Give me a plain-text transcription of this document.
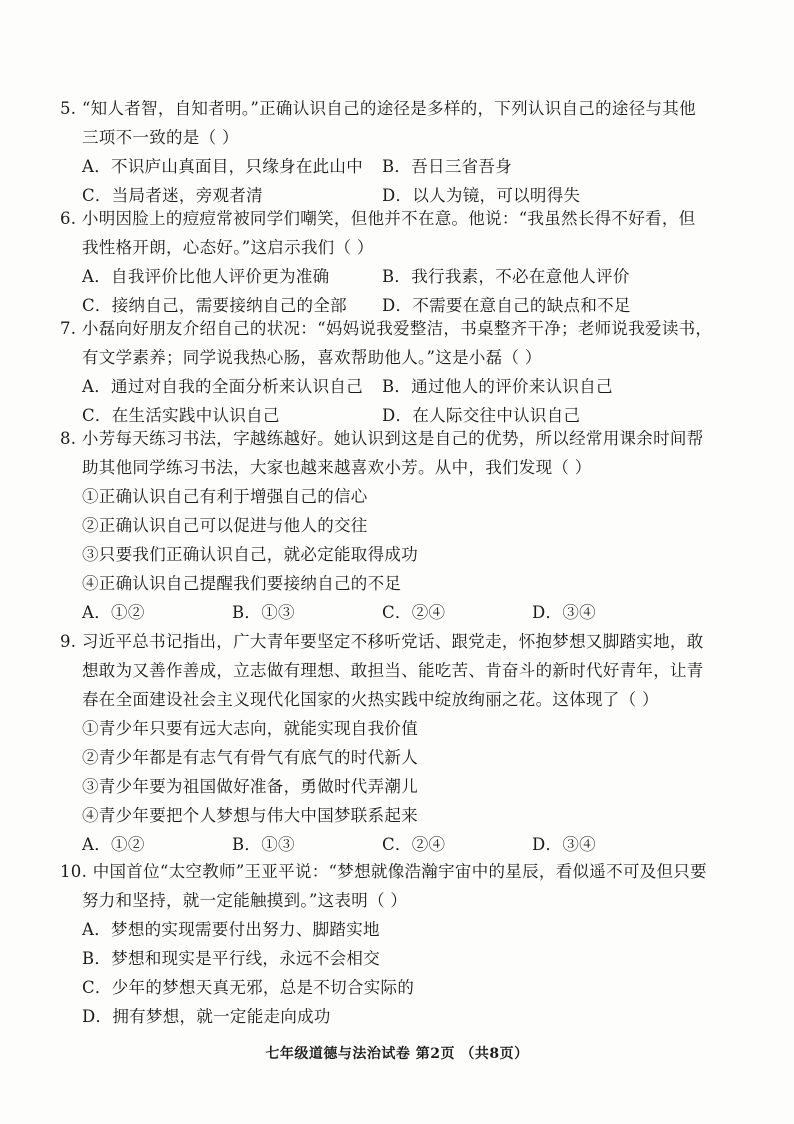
5. “知人者智，自知者明。”正确认识自己的途径是多样的，下列认识自己的途径与其他

三项不一致的是（ ）

A．不识庐山真面目，只缘身在此山中	B．吾日三省吾身
C．当局者迷，旁观者清	D．以人为镜，可以明得失

6. 小明因脸上的痘痘常被同学们嘲笑，但他并不在意。他说：“我虽然长得不好看，但

我性格开朗，心态好。”这启示我们（ ）

A．自我评价比他人评价更为准确	B．我行我素，不必在意他人评价
C．接纳自己，需要接纳自己的全部	D．不需要在意自己的缺点和不足

7. 小磊向好朋友介绍自己的状况：“妈妈说我爱整洁，书桌整齐干净；老师说我爱读书，

有文学素养；同学说我热心肠，喜欢帮助他人。”这是小磊（ ）

A．通过对自我的全面分析来认识自己	B．通过他人的评价来认识自己
C．在生活实践中认识自己	D．在人际交往中认识自己

8. 小芳每天练习书法，字越练越好。她认识到这是自己的优势，所以经常用课余时间帮

助其他同学练习书法，大家也越来越喜欢小芳。从中，我们发现（ ）

①正确认识自己有利于增强自己的信心
②正确认识自己可以促进与他人的交往
③只要我们正确认识自己，就必定能取得成功
④正确认识自己提醒我们要接纳自己的不足
A．①②	B．①③	C．②④	D．③④

9. 习近平总书记指出，广大青年要坚定不移听党话、跟党走，怀抱梦想又脚踏实地，敢

想敢为又善作善成，立志做有理想、敢担当、能吃苦、肯奋斗的新时代好青年，让青

春在全面建设社会主义现代化国家的火热实践中绽放绚丽之花。这体现了（ ）

①青少年只要有远大志向，就能实现自我价值
②青少年都是有志气有骨气有底气的时代新人
③青少年要为祖国做好准备，勇做时代弄潮儿
④青少年要把个人梦想与伟大中国梦联系起来
A．①②	B．①③	C．②④	D．③④

10. 中国首位“太空教师”王亚平说：“梦想就像浩瀚宇宙中的星辰，看似遥不可及但只要

努力和坚持，就一定能触摸到。”这表明（ ）

A．梦想的实现需要付出努力、脚踏实地
B．梦想和现实是平行线，永远不会相交
C．少年的梦想天真无邪，总是不切合实际的
D．拥有梦想，就一定能走向成功
七年级道德与法治试卷 第2页 （共8页）
